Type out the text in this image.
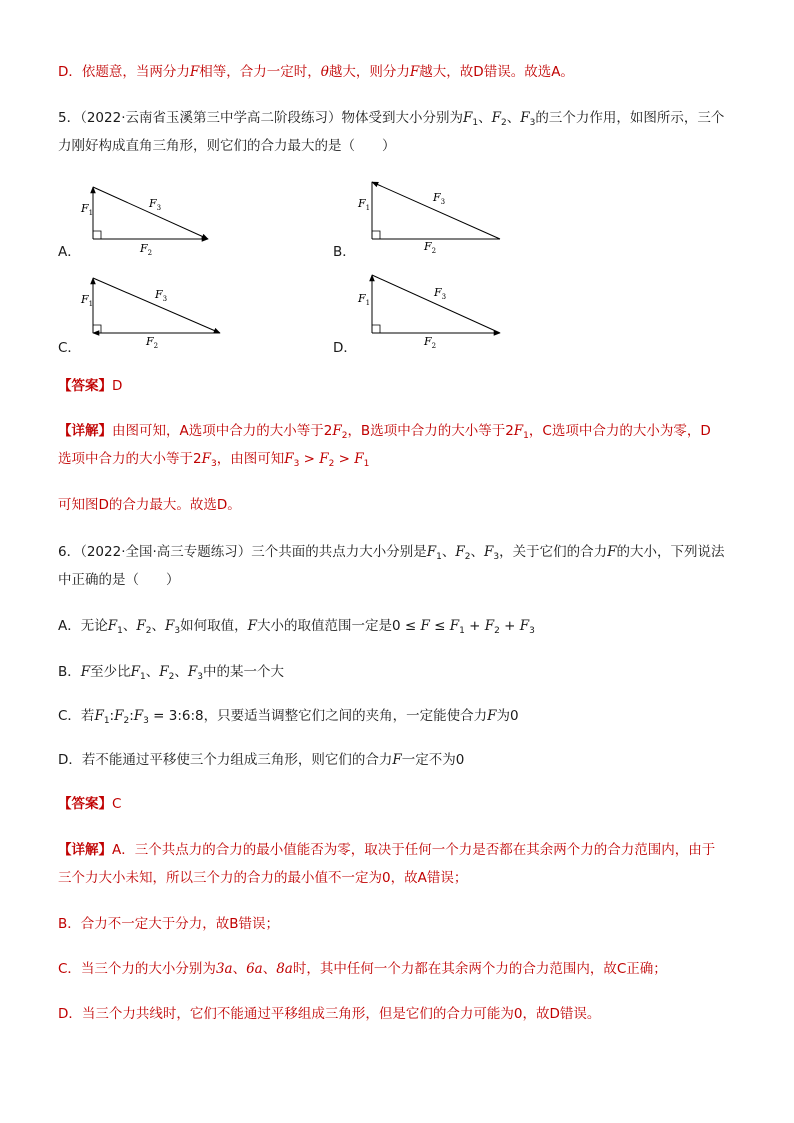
D．依题意，当两分力F相等，合力一定时，θ越大，则分力F越大，故D错误。故选A。
5．（2022·云南省玉溪第三中学高二阶段练习）物体受到大小分别为$F_1$、$F_2$、$F_3$的三个力作用，如图所示，三个
力刚好构成直角三角形，则它们的合力最大的是（　　）
A．	B．
C．	D．
$F_1$
$F_2$
$F_3$	$F_1$
$F_2$
$F_3$
$F_1$
$F_2$
$F_3$	$F_1$
$F_2$
$F_3$
【答案】D
【详解】由图可知，A选项中合力的大小等于$2F_2$，B选项中合力的大小等于$2F_1$，C选项中合力的大小为零，D
选项中合力的大小等于$2F_3$，由图可知$F_3 > F_2 > F_1$
可知图D的合力最大。故选D。
6．（2022·全国·高三专题练习）三个共面的共点力大小分别是$F_1$、$F_2$、$F_3$，关于它们的合力F的大小，下列说法
中正确的是（　　）
A．无论$F_1$、$F_2$、$F_3$如何取值，F大小的取值范围一定是$0 \le F \le F_1 + F_2 + F_3$
B．F至少比$F_1$、$F_2$、$F_3$中的某一个大
C．若$F_1:F_2:F_3$ = 3:6:8，只要适当调整它们之间的夹角，一定能使合力F为0
D．若不能通过平移使三个力组成三角形，则它们的合力F一定不为0
【答案】C
【详解】A．三个共点力的合力的最小值能否为零，取决于任何一个力是否都在其余两个力的合力范围内，由于
三个力大小未知，所以三个力的合力的最小值不一定为0，故A错误；
B．合力不一定大于分力，故B错误；
C．当三个力的大小分别为3a、6a、8a时，其中任何一个力都在其余两个力的合力范围内，故C正确；
D．当三个力共线时，它们不能通过平移组成三角形，但是它们的合力可能为0，故D错误。
